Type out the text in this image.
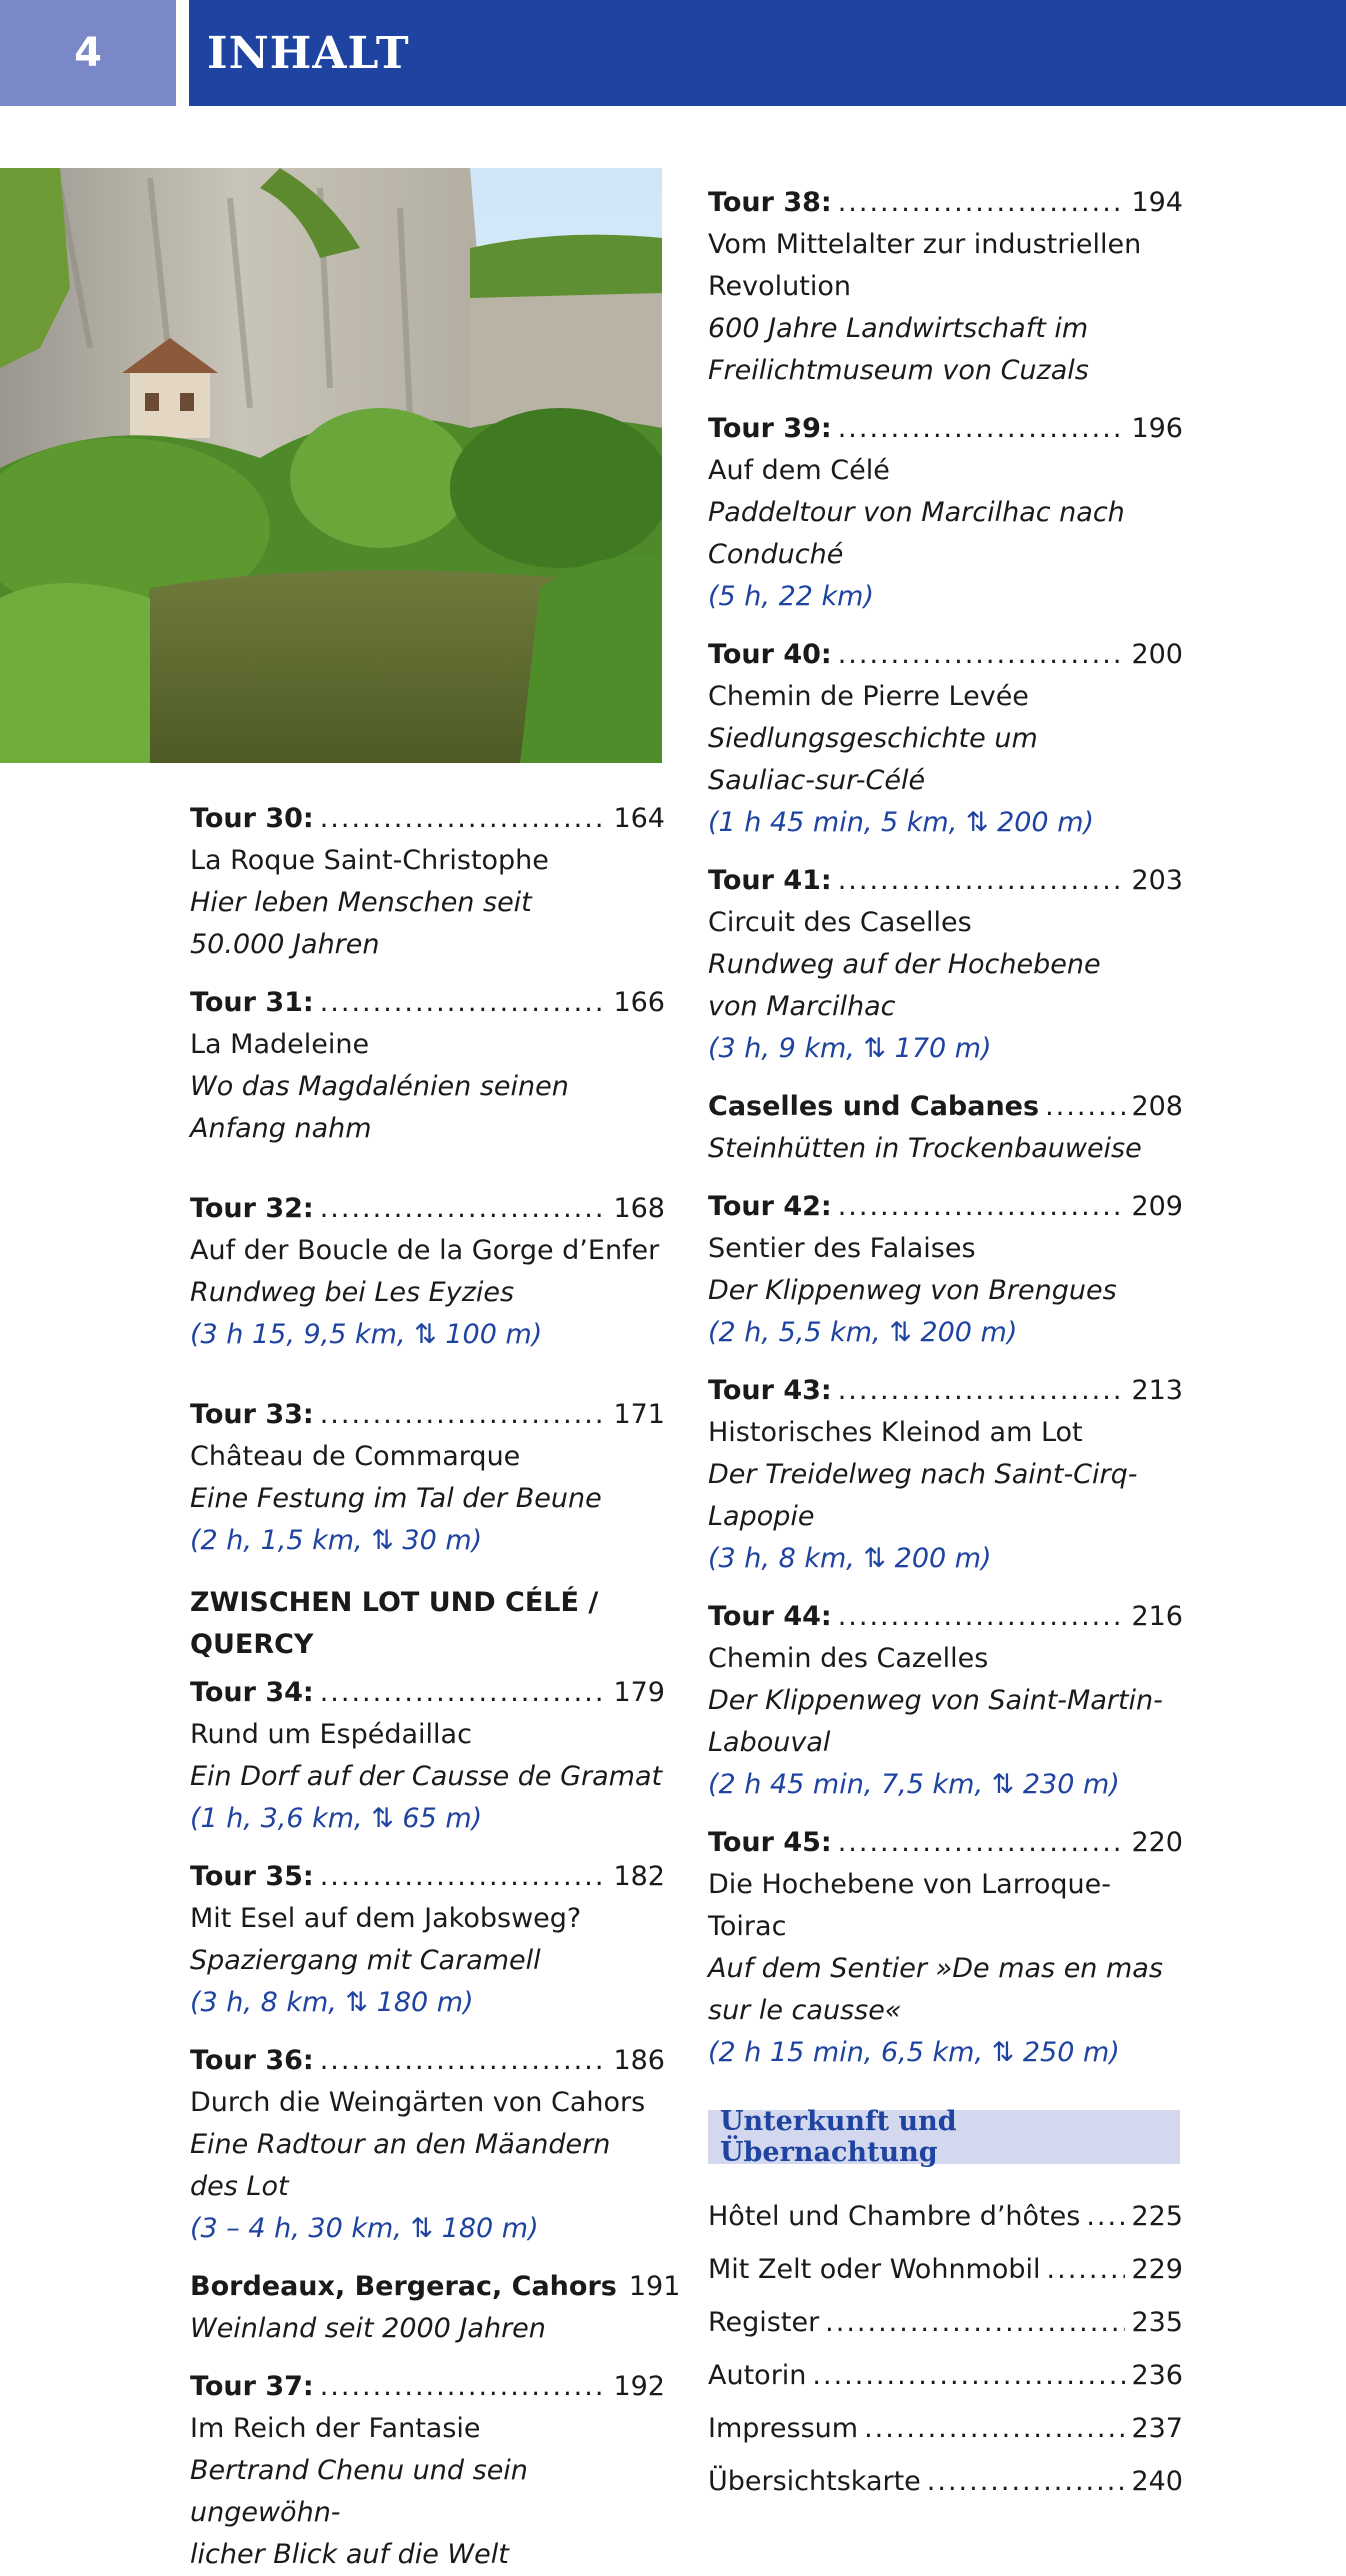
4	INHALT
Tour 30: .....	164
La Roque Saint-Christophe
Hier leben Menschen seit
50.000 Jahren
Tour 31: .....	166
La Madeleine
Wo das Magdalénien seinen
Anfang nahm
Tour 32: .....	168
Auf der Boucle de la Gorge d’Enfer
Rundweg bei Les Eyzies
(3 h 15, 9,5 km, ⇅ 100 m)
Tour 33: .....	171
Château de Commarque
Eine Festung im Tal der Beune
(2 h, 1,5 km, ⇅ 30 m)
ZWISCHEN LOT UND CÉLÉ / QUERCY
Tour 34: .....	179
Rund um Espédaillac
Ein Dorf auf der Causse de Gramat
(1 h, 3,6 km, ⇅ 65 m)
Tour 35: .....	182
Mit Esel auf dem Jakobsweg?
Spaziergang mit Caramell
(3 h, 8 km, ⇅ 180 m)
Tour 36: .....	186
Durch die Weingärten von Cahors
Eine Radtour an den Mäandern des Lot
(3 – 4 h, 30 km, ⇅ 180 m)
Bordeaux, Bergerac, Cahors 191
Weinland seit 2000 Jahren
Tour 37: .....	192
Im Reich der Fantasie
Bertrand Chenu und sein ungewöhn-
licher Blick auf die Welt
Tour 38: .....	194
Vom Mittelalter zur industriellen Revolution
600 Jahre Landwirtschaft im
Freilichtmuseum von Cuzals
Tour 39: .....	196
Auf dem Célé
Paddeltour von Marcilhac nach
Conduché
(5 h, 22 km)
Tour 40: .....	200
Chemin de Pierre Levée
Siedlungsgeschichte um
Sauliac-sur-Célé
(1 h 45 min, 5 km, ⇅ 200 m)
Tour 41: .....	203
Circuit des Caselles
Rundweg auf der Hochebene
von Marcilhac
(3 h, 9 km, ⇅ 170 m)
Caselles und Cabanes .....	208
Steinhütten in Trockenbauweise
Tour 42: .....	209
Sentier des Falaises
Der Klippenweg von Brengues
(2 h, 5,5 km, ⇅ 200 m)
Tour 43: .....	213
Historisches Kleinod am Lot
Der Treidelweg nach Saint-Cirq-Lapopie
(3 h, 8 km, ⇅ 200 m)
Tour 44: .....	216
Chemin des Cazelles
Der Klippenweg von Saint-Martin-
Labouval
(2 h 45 min, 7,5 km, ⇅ 230 m)
Tour 45: .....	220
Die Hochebene von Larroque-Toirac
Auf dem Sentier »De mas en mas
sur le causse«
(2 h 15 min, 6,5 km, ⇅ 250 m)
Unterkunft und Übernachtung
Hôtel und Chambre d’hôtes ..... 225
Mit Zelt oder Wohnmobil .....	229
Register .....	235
Autorin .....	236
Impressum .....	237
Übersichtskarte .....	240
